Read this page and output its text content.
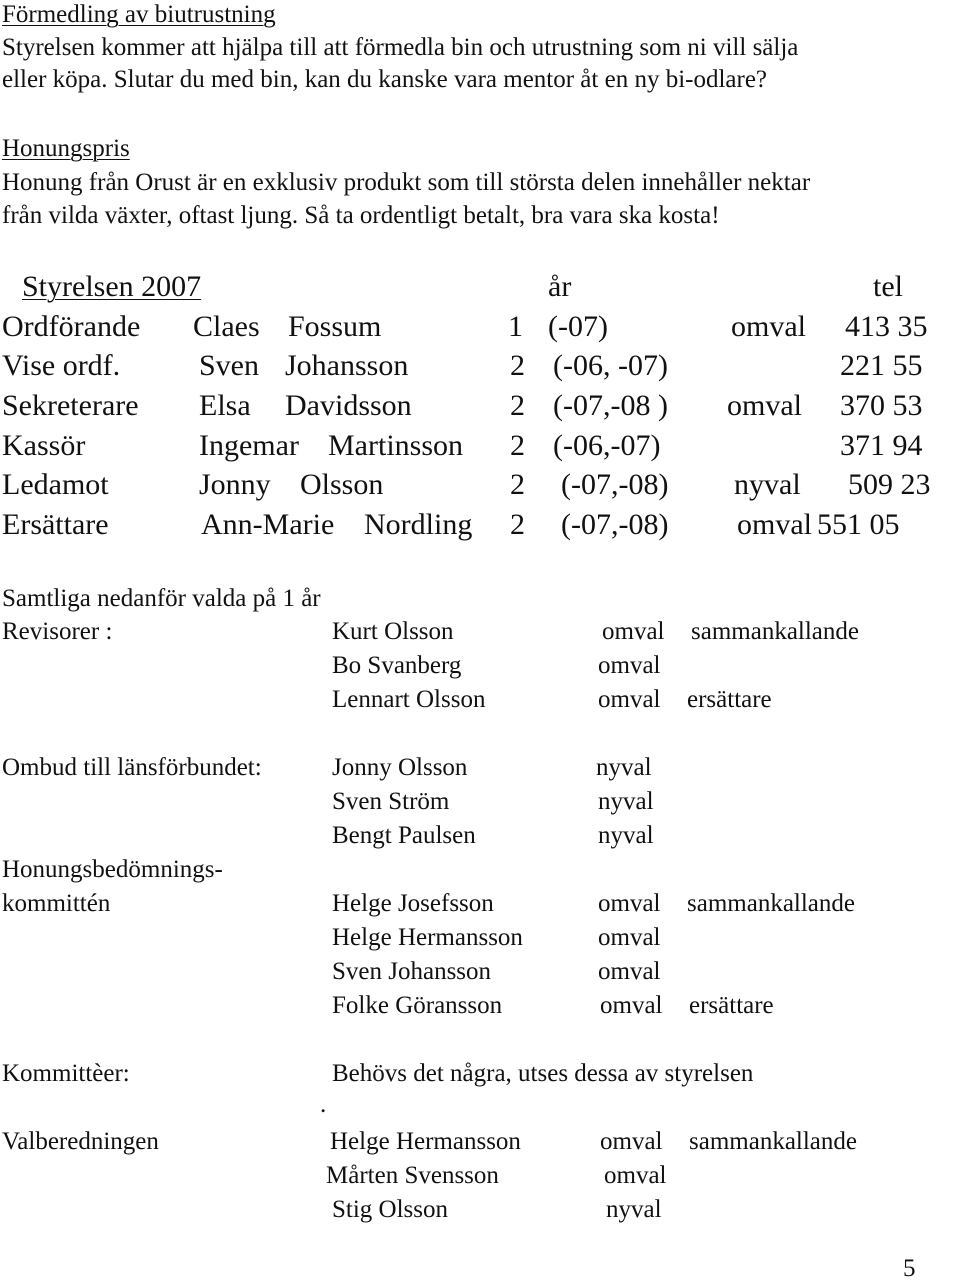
Förmedling av biutrustning
Styrelsen kommer att hjälpa till att förmedla bin och utrustning som ni vill sälja
eller köpa. Slutar du med bin, kan du kanske vara mentor åt en ny bi-odlare?
Honungspris
Honung från Orust är en exklusiv produkt som till största delen innehåller nektar
från vilda växter, oftast ljung. Så ta ordentligt betalt, bra vara ska kosta!
Styrelsen 2007	år	tel
Ordförande Claes Fossum	1 (-07)	omval 413 35
Vise ordf.	Sven Johansson	2 (-06, -07)	221 55
Sekreterare Elsa Davidsson	2 (-07,-08 ) omval 370 53
Kassör	Ingemar Martinsson 2 (-06,-07)	371 94
Ledamot	Jonny Olsson	2 (-07,-08) nyval 509 23
Ersättare	Ann-Marie Nordling 2 (-07,-08) omval 551 05
Samtliga nedanför valda på 1 år
Revisorer :	Kurt Olsson	omval sammankallande
Bo Svanberg	omval
Lennart Olsson	omval ersättare
Ombud till länsförbundet:	Jonny Olsson	nyval
Sven Ström	nyval
Bengt Paulsen	nyval
Honungsbedömnings-
kommittén	Helge Josefsson	omval sammankallande
Helge Hermansson	omval
Sven Johansson	omval
Folke Göransson	omval ersättare
Kommittèer:	Behövs det några, utses dessa av styrelsen
.
Valberedningen	Helge Hermansson	omval sammankallande
Mårten Svensson	omval
Stig Olsson	nyval
5
